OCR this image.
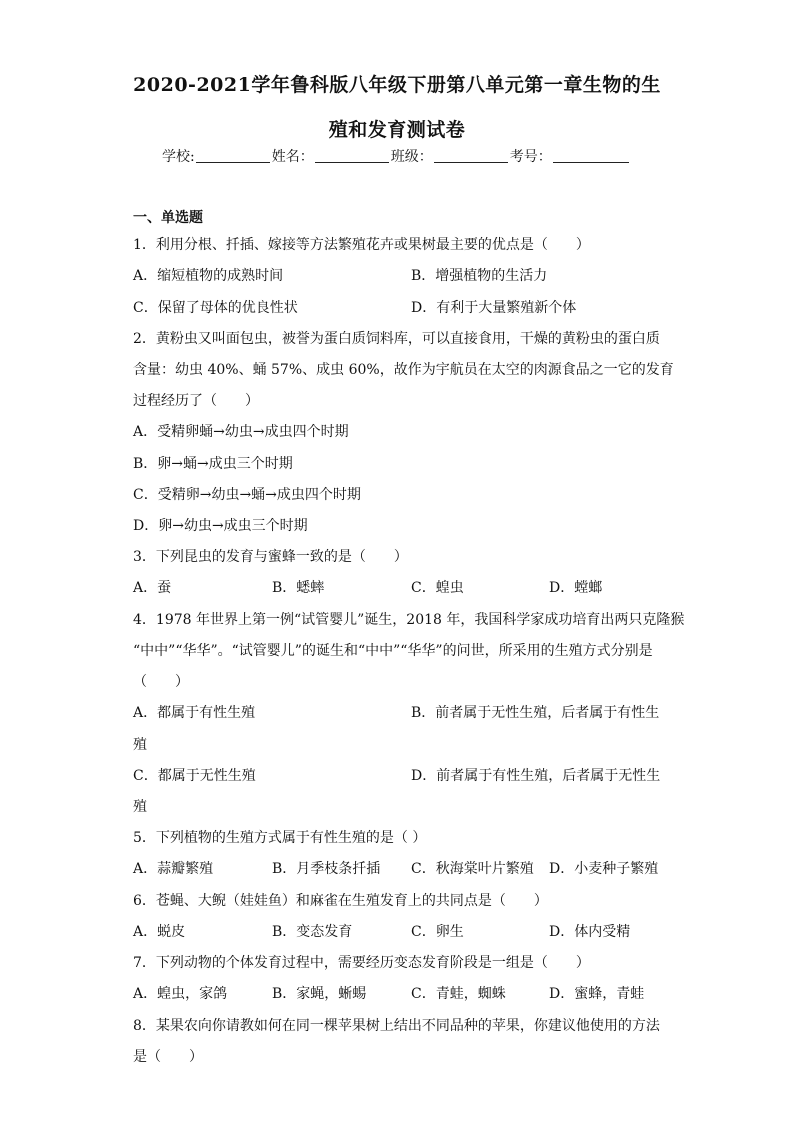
2020-2021学年鲁科版八年级下册第八单元第一章生物的生
殖和发育测试卷
学校:	姓名：	班级：	考号：
一、单选题
1．利用分根、扦插、嫁接等方法繁殖花卉或果树最主要的优点是（　　）
A．缩短植物的成熟时间	B．增强植物的生活力
C．保留了母体的优良性状	D．有利于大量繁殖新个体
2．黄粉虫又叫面包虫，被誉为蛋白质饲料库，可以直接食用，干燥的黄粉虫的蛋白质
含量：幼虫 40%、蛹 57%、成虫 60%，故作为宇航员在太空的肉源食品之一它的发育
过程经历了（　　）
A．受精卵蛹→幼虫→成虫四个时期
B．卵→蛹→成虫三个时期
C．受精卵→幼虫→蛹→成虫四个时期
D．卵→幼虫→成虫三个时期
3．下列昆虫的发育与蜜蜂一致的是（　　）
A．蚕	B．蟋蟀	C．蝗虫	D．螳螂
4．1978 年世界上第一例“试管婴儿”诞生，2018 年，我国科学家成功培育出两只克隆猴
“中中”“华华”。“试管婴儿”的诞生和“中中”“华华”的问世，所采用的生殖方式分别是
（　　）
A．都属于有性生殖	B．前者属于无性生殖，后者属于有性生
殖
C．都属于无性生殖	D．前者属于有性生殖，后者属于无性生
殖
5．下列植物的生殖方式属于有性生殖的是（ ）
A．蒜瓣繁殖	B．月季枝条扦插 C．秋海棠叶片繁殖 D．小麦种子繁殖
6．苍蝇、大鲵（娃娃鱼）和麻雀在生殖发育上的共同点是（　　）
A．蜕皮	B．变态发育	C．卵生	D．体内受精
7．下列动物的个体发育过程中，需要经历变态发育阶段是一组是（　　）
A．蝗虫，家鸽	B．家蝇，蜥蜴	C．青蛙，蜘蛛	D．蜜蜂，青蛙
8．某果农向你请教如何在同一棵苹果树上结出不同品种的苹果，你建议他使用的方法
是（　　）
